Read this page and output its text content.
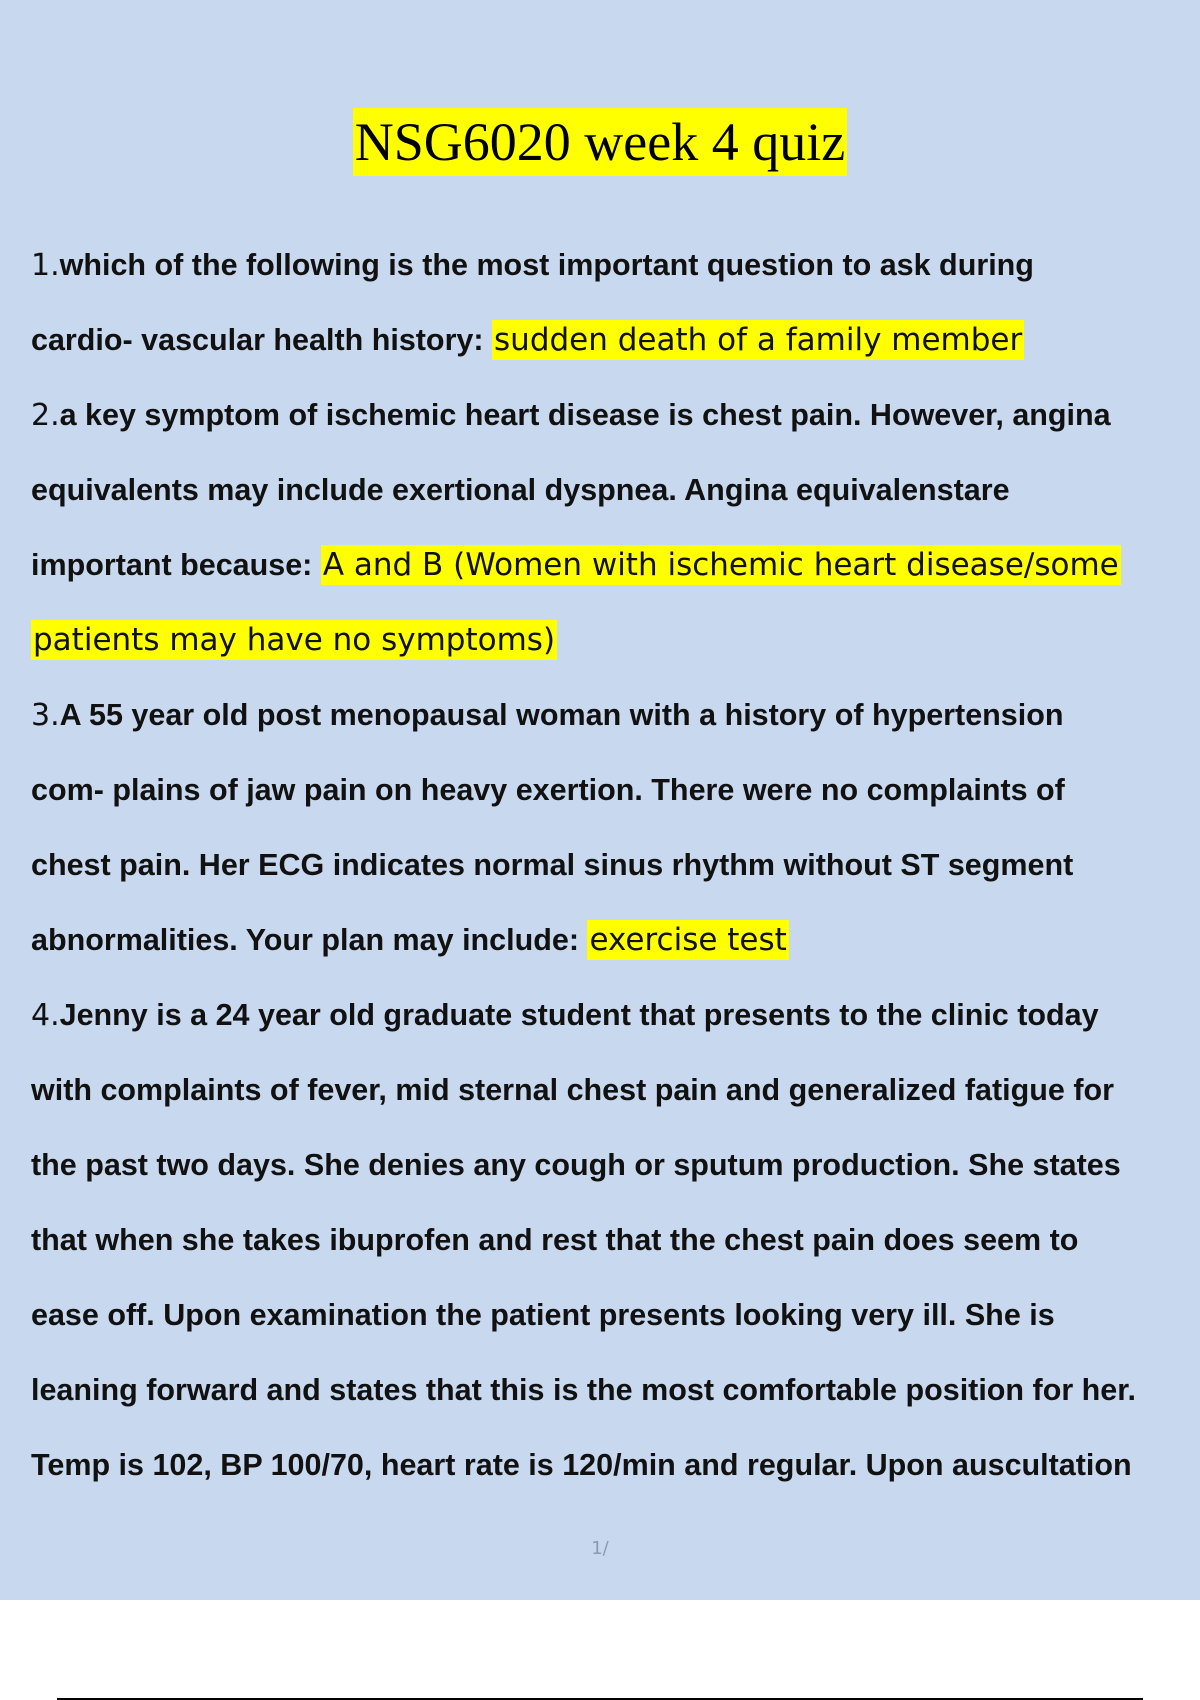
NSG6020 week 4 quiz
1.which of the following is the most important question to ask during
cardio- vascular health history: sudden death of a family member
2.a key symptom of ischemic heart disease is chest pain. However, angina
equivalents may include exertional dyspnea. Angina equivalenstare
important because: A and B (Women with ischemic heart disease/some
patients may have no symptoms)
3.A 55 year old post menopausal woman with a history of hypertension
com- plains of jaw pain on heavy exertion. There were no complaints of
chest pain. Her ECG indicates normal sinus rhythm without ST segment
abnormalities. Your plan may include: exercise test
4.Jenny is a 24 year old graduate student that presents to the clinic today
with complaints of fever, mid sternal chest pain and generalized fatigue for
the past two days. She denies any cough or sputum production. She states
that when she takes ibuprofen and rest that the chest pain does seem to
ease off. Upon examination the patient presents looking very ill. She is
leaning forward and states that this is the most comfortable position for her.
Temp is 102, BP 100/70, heart rate is 120/min and regular. Upon auscultation
1/
